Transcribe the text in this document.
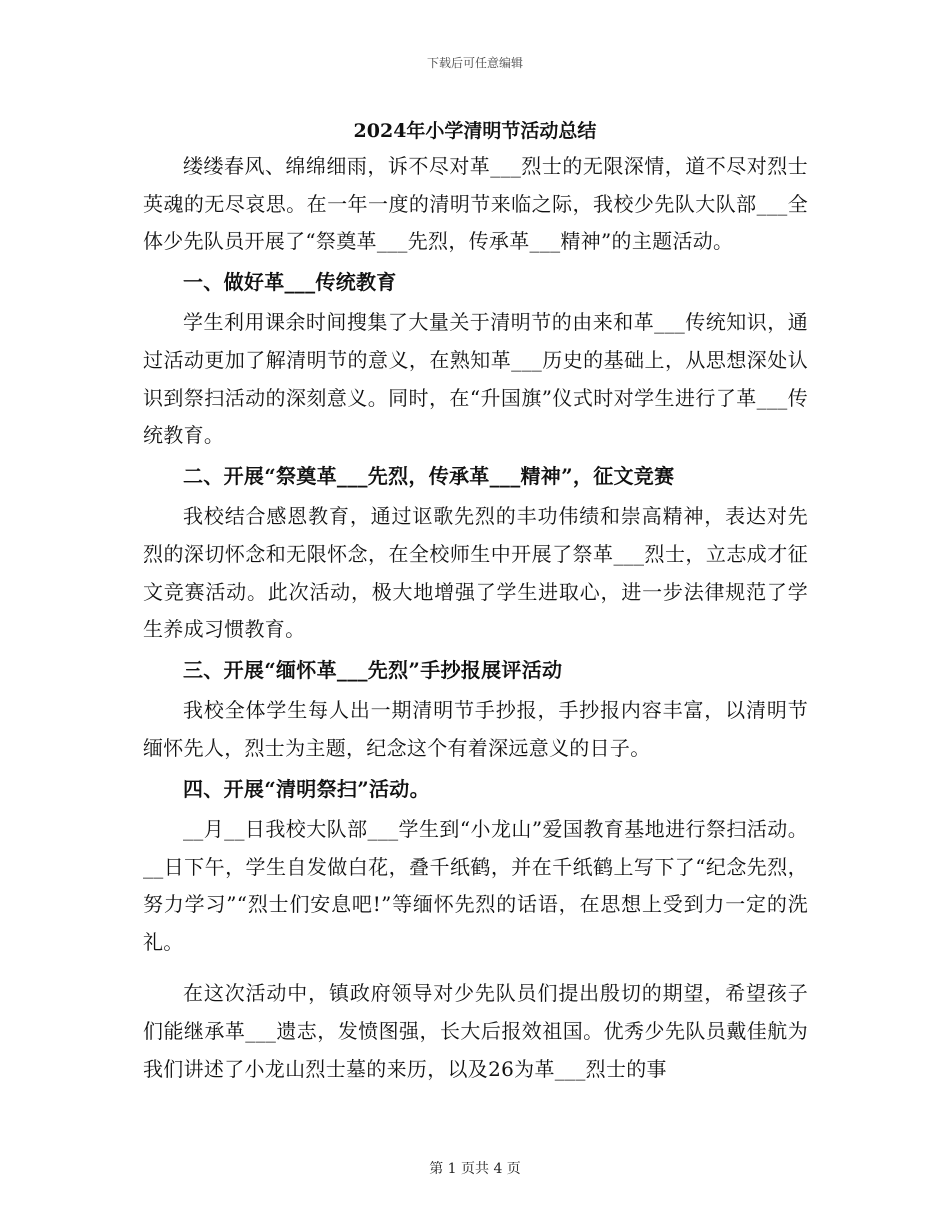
下载后可任意编辑
2024年小学清明节活动总结

缕缕春风、绵绵细雨，诉不尽对革___烈士的无限深情，道不尽对烈士英魂的无尽哀思。在一年一度的清明节来临之际，我校少先队大队部___全体少先队员开展了“祭奠革___先烈，传承革___精神”的主题活动。

一、做好革___传统教育

学生利用课余时间搜集了大量关于清明节的由来和革___传统知识，通过活动更加了解清明节的意义，在熟知革___历史的基础上，从思想深处认识到祭扫活动的深刻意义。同时，在“升国旗”仪式时对学生进行了革___传统教育。

二、开展“祭奠革___先烈，传承革___精神”，征文竞赛

我校结合感恩教育，通过讴歌先烈的丰功伟绩和崇高精神，表达对先烈的深切怀念和无限怀念，在全校师生中开展了祭革___烈士，立志成才征文竞赛活动。此次活动，极大地增强了学生进取心，进一步法律规范了学生养成习惯教育。

三、开展“缅怀革___先烈”手抄报展评活动

我校全体学生每人出一期清明节手抄报，手抄报内容丰富，以清明节缅怀先人，烈士为主题，纪念这个有着深远意义的日子。

四、开展“清明祭扫”活动。

__月__日我校大队部___学生到“小龙山”爱国教育基地进行祭扫活动。__日下午，学生自发做白花，叠千纸鹤，并在千纸鹤上写下了“纪念先烈，努力学习”“烈士们安息吧!”等缅怀先烈的话语，在思想上受到力一定的洗礼。

在这次活动中，镇政府领导对少先队员们提出殷切的期望，希望孩子们能继承革___遗志，发愤图强，长大后报效祖国。优秀少先队员戴佳航为我们讲述了小龙山烈士墓的来历，以及26为革___烈士的事

第 1 页共 4 页
